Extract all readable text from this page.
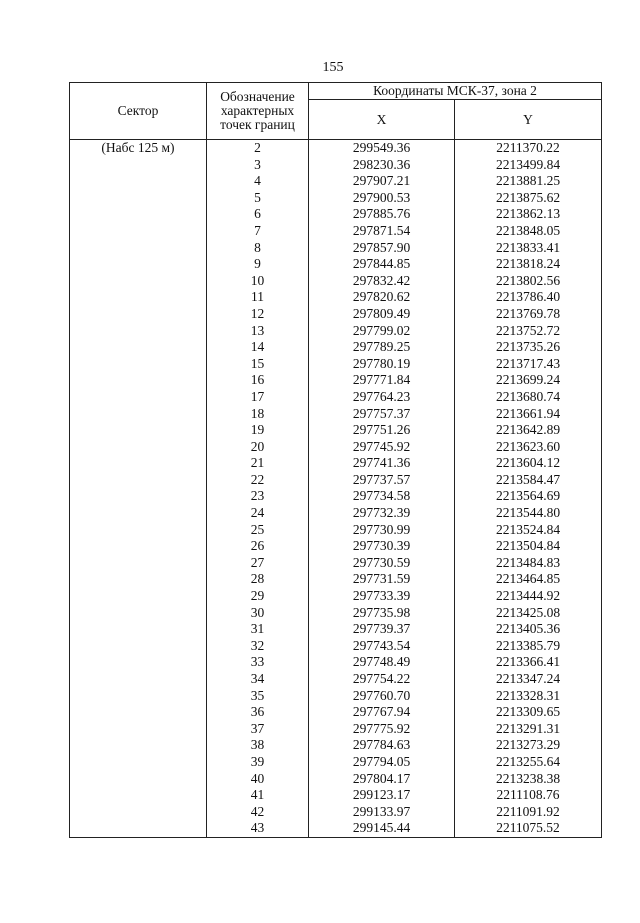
155
Сектор	Обозначение
характерных
точек границ	Координаты МСК-37, зона 2	
		X	Y
(Набс 125 м)	2	299549.36	2211370.22
	3	298230.36	2213499.84
	4	297907.21	2213881.25
	5	297900.53	2213875.62
	6	297885.76	2213862.13
	7	297871.54	2213848.05
	8	297857.90	2213833.41
	9	297844.85	2213818.24
	10	297832.42	2213802.56
	11	297820.62	2213786.40
	12	297809.49	2213769.78
	13	297799.02	2213752.72
	14	297789.25	2213735.26
	15	297780.19	2213717.43
	16	297771.84	2213699.24
	17	297764.23	2213680.74
	18	297757.37	2213661.94
	19	297751.26	2213642.89
	20	297745.92	2213623.60
	21	297741.36	2213604.12
	22	297737.57	2213584.47
	23	297734.58	2213564.69
	24	297732.39	2213544.80
	25	297730.99	2213524.84
	26	297730.39	2213504.84
	27	297730.59	2213484.83
	28	297731.59	2213464.85
	29	297733.39	2213444.92
	30	297735.98	2213425.08
	31	297739.37	2213405.36
	32	297743.54	2213385.79
	33	297748.49	2213366.41
	34	297754.22	2213347.24
	35	297760.70	2213328.31
	36	297767.94	2213309.65
	37	297775.92	2213291.31
	38	297784.63	2213273.29
	39	297794.05	2213255.64
	40	297804.17	2213238.38
	41	299123.17	2211108.76
	42	299133.97	2211091.92
	43	299145.44	2211075.52
